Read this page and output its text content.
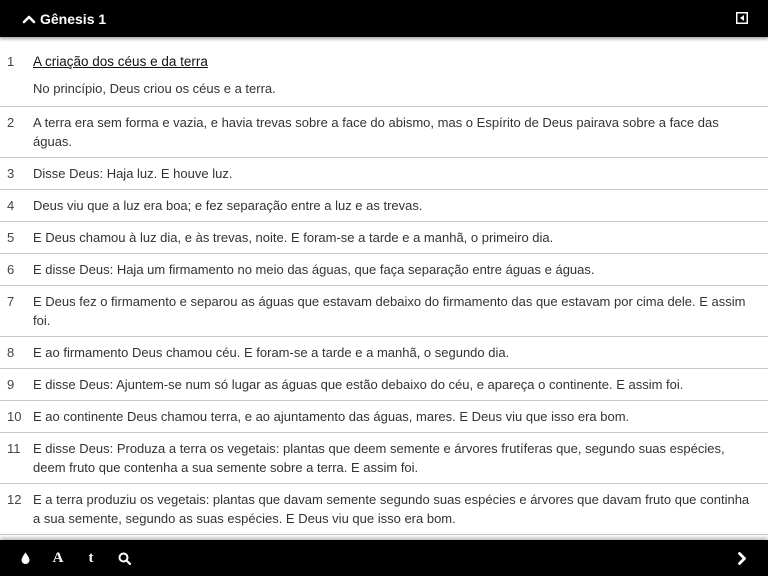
Gênesis 1
1 A criação dos céus e da terra
No princípio, Deus criou os céus e a terra.
2 A terra era sem forma e vazia, e havia trevas sobre a face do abismo, mas o Espírito de Deus pairava sobre a face das águas.
3 Disse Deus: Haja luz. E houve luz.
4 Deus viu que a luz era boa; e fez separação entre a luz e as trevas.
5 E Deus chamou à luz dia, e às trevas, noite. E foram-se a tarde e a manhã, o primeiro dia.
6 E disse Deus: Haja um firmamento no meio das águas, que faça separação entre águas e águas.
7 E Deus fez o firmamento e separou as águas que estavam debaixo do firmamento das que estavam por cima dele. E assim foi.
8 E ao firmamento Deus chamou céu. E foram-se a tarde e a manhã, o segundo dia.
9 E disse Deus: Ajuntem-se num só lugar as águas que estão debaixo do céu, e apareça o continente. E assim foi.
10 E ao continente Deus chamou terra, e ao ajuntamento das águas, mares. E Deus viu que isso era bom.
11 E disse Deus: Produza a terra os vegetais: plantas que deem semente e árvores frutíferas que, segundo suas espécies, deem fruto que contenha a sua semente sobre a terra. E assim foi.
12 E a terra produziu os vegetais: plantas que davam semente segundo suas espécies e árvores que davam fruto que continha a sua semente, segundo as suas espécies. E Deus viu que isso era bom.
A t
